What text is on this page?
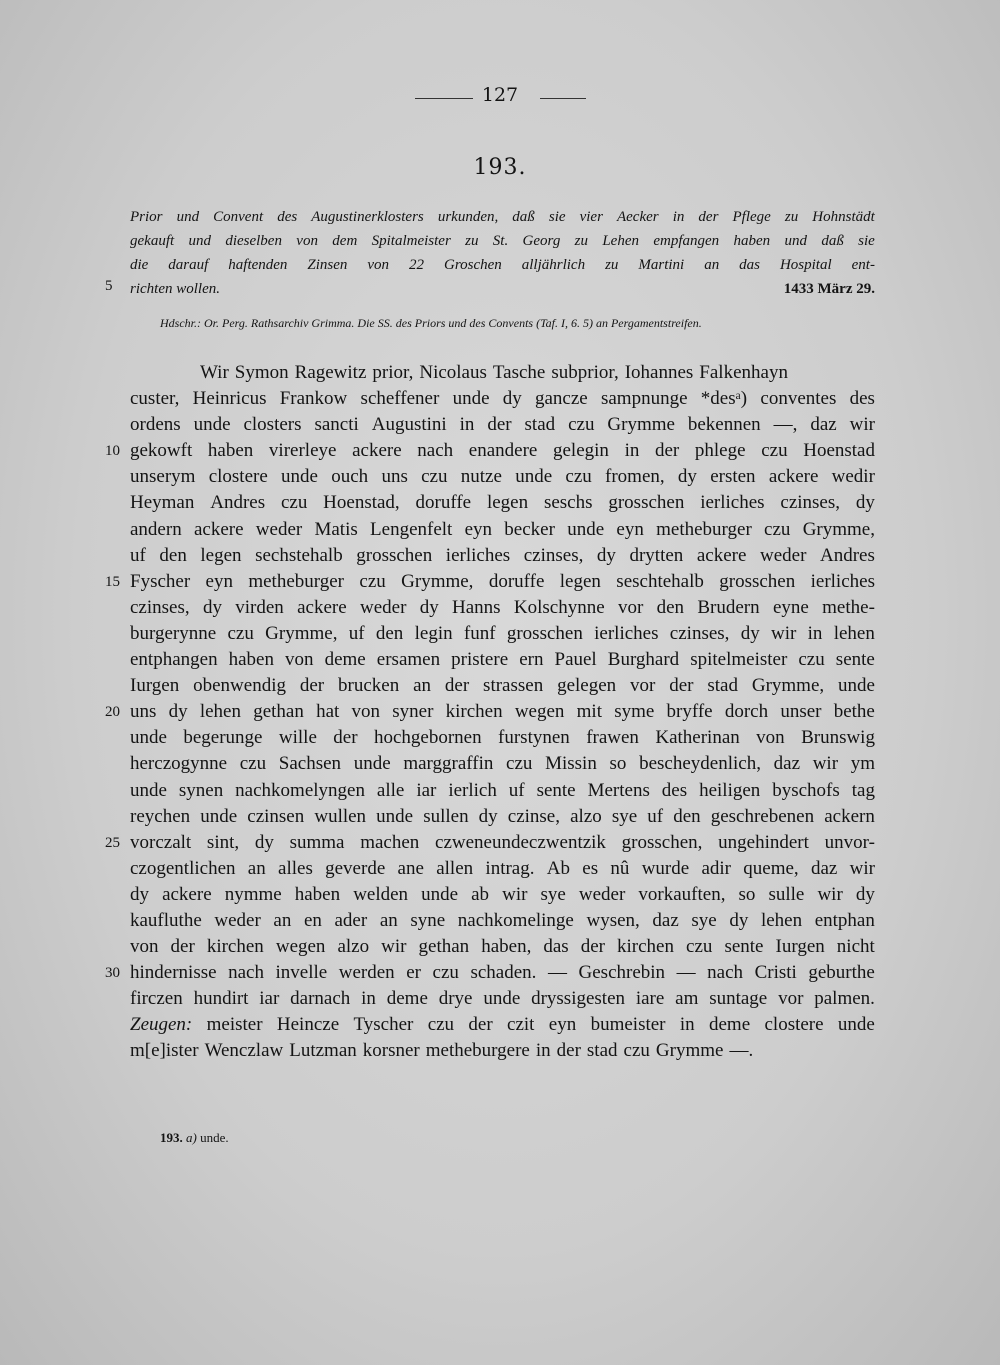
127
193.
Prior und Convent des Augustinerklosters urkunden, daß sie vier Aecker in der Pflege zu Hohnstädt
gekauft und dieselben von dem Spitalmeister zu St. Georg zu Lehen empfangen haben und daß sie
die darauf haftenden Zinsen von 22 Groschen alljährlich zu Martini an das Hospital ent-
richten wollen.	1433 März 29.
5
Hdschr.: Or. Perg. Rathsarchiv Grimma. Die SS. des Priors und des Convents (Taf. I, 6. 5) an Pergamentstreifen.
Wir Symon Ragewitz prior, Nicolaus Tasche subprior, Iohannes Falkenhayn
custer, Heinricus Frankow scheffener unde dy gancze sampnunge *desᵃ) conventes des
ordens unde closters sancti Augustini in der stad czu Grymme bekennen —, daz wir
gekowft haben virerleye ackere nach enandere gelegin in der phlege czu Hoenstad
unserym clostere unde ouch uns czu nutze unde czu fromen, dy ersten ackere wedir
Heyman Andres czu Hoenstad, doruffe legen seschs grosschen ierliches czinses, dy
andern ackere weder Matis Lengenfelt eyn becker unde eyn metheburger czu Grymme,
uf den legen sechstehalb grosschen ierliches czinses, dy drytten ackere weder Andres
Fyscher eyn metheburger czu Grymme, doruffe legen seschtehalb grosschen ierliches
czinses, dy virden ackere weder dy Hanns Kolschynne vor den Brudern eyne methe-
burgerynne czu Grymme, uf den legin funf grosschen ierliches czinses, dy wir in lehen
entphangen haben von deme ersamen pristere ern Pauel Burghard spitelmeister czu sente
Iurgen obenwendig der brucken an der strassen gelegen vor der stad Grymme, unde
uns dy lehen gethan hat von syner kirchen wegen mit syme bryffe dorch unser bethe
unde begerunge wille der hochgebornen furstynen frawen Katherinan von Brunswig
herczogynne czu Sachsen unde marggraffin czu Missin so bescheydenlich, daz wir ym
unde synen nachkomelyngen alle iar ierlich uf sente Mertens des heiligen byschofs tag
reychen unde czinsen wullen unde sullen dy czinse, alzo sye uf den geschrebenen ackern
vorczalt sint, dy summa machen czweneundeczwentzik grosschen, ungehindert unvor-
czogentlichen an alles geverde ane allen intrag. Ab es nû wurde adir queme, daz wir
dy ackere nymme haben welden unde ab wir sye weder vorkauften, so sulle wir dy
kaufluthe weder an en ader an syne nachkomelinge wysen, daz sye dy lehen entphan
von der kirchen wegen alzo wir gethan haben, das der kirchen czu sente Iurgen nicht
hindernisse nach invelle werden er czu schaden. — Geschrebin — nach Cristi geburthe
firczen hundirt iar darnach in deme drye unde dryssigesten iare am suntage vor palmen.
Zeugen: meister Heincze Tyscher czu der czit eyn bumeister in deme clostere unde
m[e]ister Wenczlaw Lutzman korsner metheburgere in der stad czu Grymme —.
10
15
20
25
30
193. a) unde.
